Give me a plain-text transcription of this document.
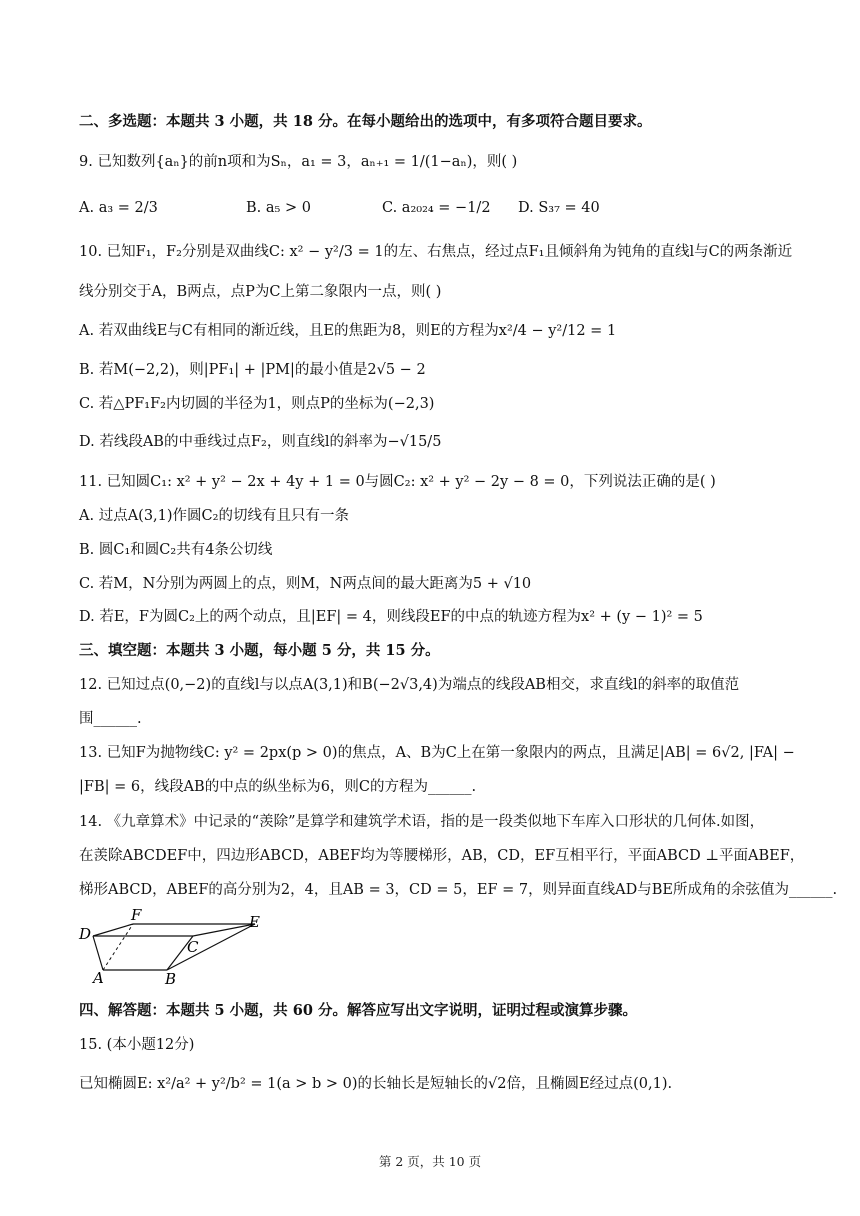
二、多选题：本题共 3 小题，共 18 分。在每小题给出的选项中，有多项符合题目要求。
9. 已知数列{aₙ}的前n项和为Sₙ，a₁ = 3，aₙ₊₁ = 1/(1−aₙ)，则( )
A. a₃ = 2/3	B. a₅ > 0	C. a₂₀₂₄ = −1/2 D. S₃₇ = 40
10. 已知F₁，F₂分别是双曲线C: x² − y²/3 = 1的左、右焦点，经过点F₁且倾斜角为钝角的直线l与C的两条渐近
线分别交于A，B两点，点P为C上第二象限内一点，则( )
A. 若双曲线E与C有相同的渐近线，且E的焦距为8，则E的方程为x²/4 − y²/12 = 1
B. 若M(−2,2)，则|PF₁| + |PM|的最小值是2√5 − 2
C. 若△PF₁F₂内切圆的半径为1，则点P的坐标为(−2,3)
D. 若线段AB的中垂线过点F₂，则直线l的斜率为−√15/5
11. 已知圆C₁: x² + y² − 2x + 4y + 1 = 0与圆C₂: x² + y² − 2y − 8 = 0，下列说法正确的是( )
A. 过点A(3,1)作圆C₂的切线有且只有一条
B. 圆C₁和圆C₂共有4条公切线
C. 若M，N分别为两圆上的点，则M，N两点间的最大距离为5 + √10
D. 若E，F为圆C₂上的两个动点，且|EF| = 4，则线段EF的中点的轨迹方程为x² + (y − 1)² = 5
三、填空题：本题共 3 小题，每小题 5 分，共 15 分。
12. 已知过点(0,−2)的直线l与以点A(3,1)和B(−2√3,4)为端点的线段AB相交，求直线l的斜率的取值范
围______.
13. 已知F为抛物线C: y² = 2px(p > 0)的焦点，A、B为C上在第一象限内的两点，且满足|AB| = 6√2, |FA| −
|FB| = 6，线段AB的中点的纵坐标为6，则C的方程为______.
14. 《九章算术》中记录的“羡除”是算学和建筑学术语，指的是一段类似地下车库入口形状的几何体.如图，
在羡除ABCDEF中，四边形ABCD，ABEF均为等腰梯形，AB，CD，EF互相平行，平面ABCD ⊥平面ABEF，
梯形ABCD，ABEF的高分别为2，4，且AB = 3，CD = 5，EF = 7，则异面直线AD与BE所成角的余弦值为______.
D
F	E
C
A	B
四、解答题：本题共 5 小题，共 60 分。解答应写出文字说明，证明过程或演算步骤。
15. (本小题12分)
已知椭圆E: x²/a² + y²/b² = 1(a > b > 0)的长轴长是短轴长的√2倍，且椭圆E经过点(0,1).
第 2 页，共 10 页
